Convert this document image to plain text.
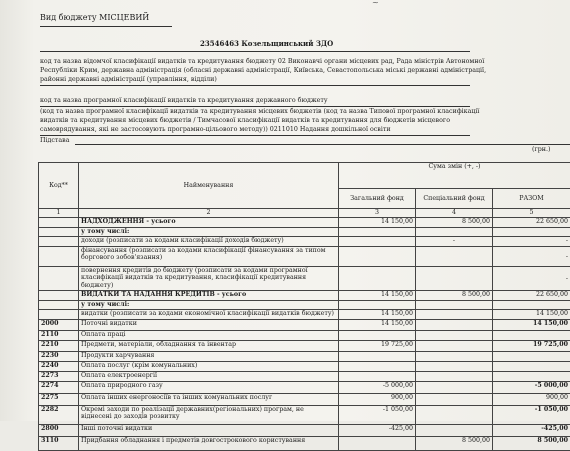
Вид бюджету МІСЦЕВИЙ
~
23546463 Козельщинський ЗДО
код та назва відомчої класифікації видатків та кредитування бюджету 02 Виконавчі органи місцевих рад, Рада міністрів Автономної
Республіки Крим, державна адміністрація (обласні державні адміністрації, Київська, Севастопольська міські державні адміністрації,
районні державні адміністрації (управління, відділи)
код та назва програмної класифікації видатків та кредитування державного бюджету
(код та назва програмної класифікації видатків та кредитування місцевих бюджетів (код та назва Типової програмної класифікації
видатків та кредитування місцевих бюджетів / Тимчасової класифікації видатків та кредитування для бюджетів місцевого
самоврядування, які не застосовують програмно-цільового методу)) 0211010 Надання дошкільної освіти
Підстава
(грн.)
Код**	Найменування	Сума змін (+, -)		
		Загальний фонд	Спеціальний фонд	РАЗОМ
1	2	3	4	5
	НАДХОДЖЕННЯ - усього	14 150,00	8 500,00	22 650,00
	у тому числі:			
	доходи (розписати за кодами класифікації доходів бюджету)		-	-
	фінансування (розписати за кодами класифікації фінансування за типом боргового зобов'язання)			-
	повернення кредитів до бюджету (розписати за кодами програмної класифікації видатків та кредитування, класифікації кредитування бюджету)			-
	ВИДАТКИ ТА НАДАННЯ КРЕДИТІВ - усього	14 150,00	8 500,00	22 650,00
	у тому числі:			
	видатки (розписати за кодами економічної класифікації видатків бюджету)	14 150,00		14 150,00
2000	Поточні видатки	14 150,00		14 150,00
2110	Оплата праці			
2210	Предмети, матеріали, обладнання та інвентар	19 725,00		19 725,00
2230	Продукти харчування			
2240	Оплата послуг (крім комунальних)			
2273	Оплата електроенергії			
2274	Оплата природного газу	-5 000,00		-5 000,00
2275	Оплата інших енергоносіїв та інших комунальних послуг	900,00		900,00
2282	Окремі заходи по реалізації державних(регіональних) програм, не віднесені до заходів розвитку	-1 050,00		-1 050,00
2800	Інші поточні видатки	-425,00		-425,00
3110	Придбання обладнання і предметів довгострокового користування		8 500,00	8 500,00
